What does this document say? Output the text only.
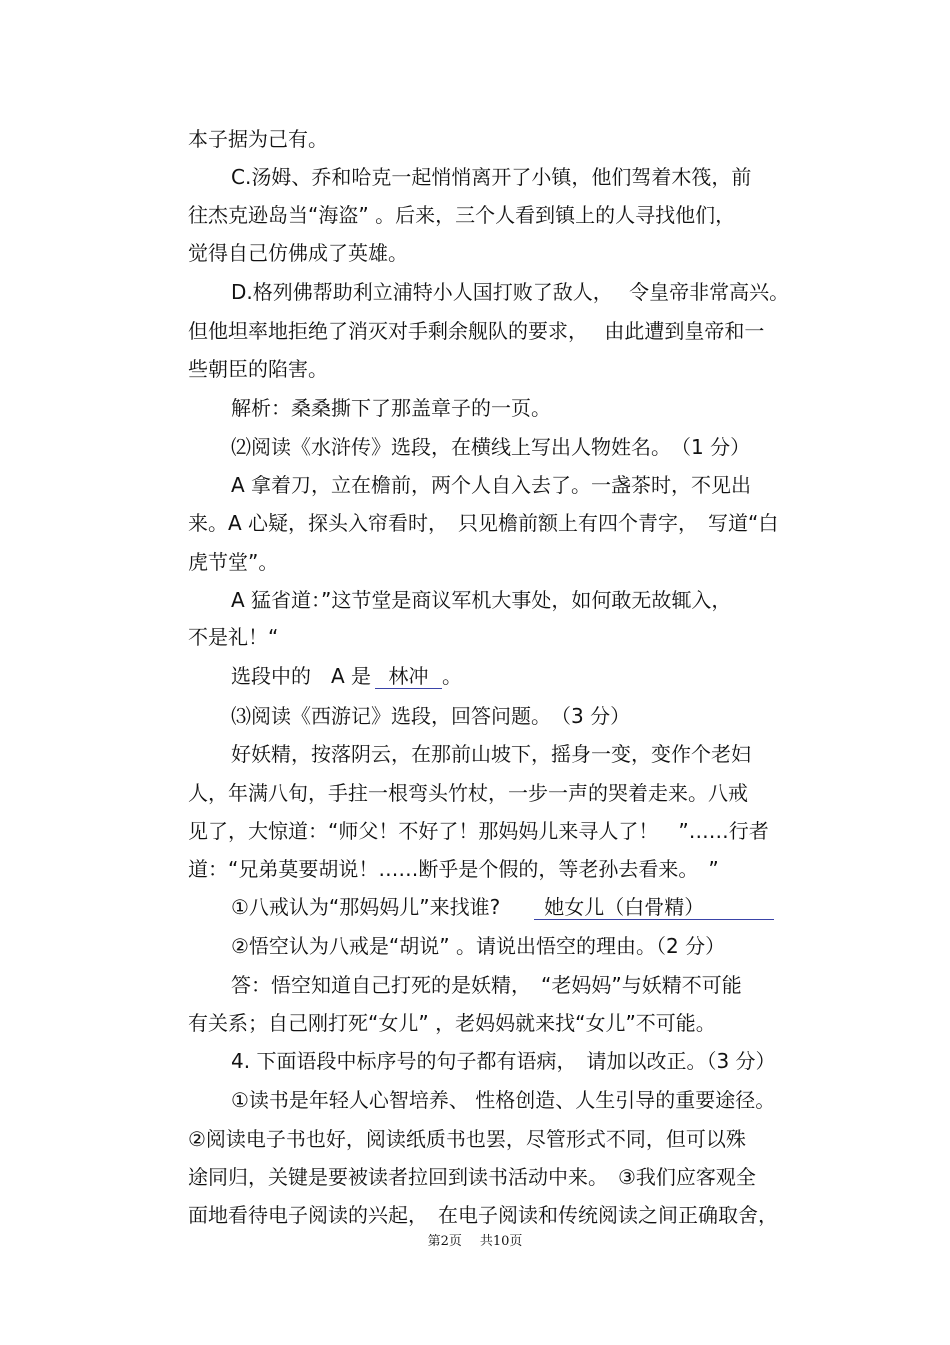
本子据为己有。
C.汤姆、乔和哈克一起悄悄离开了小镇，他们驾着木筏，前
往杰克逊岛当“海盗” 。后来，三个人看到镇上的人寻找他们，
觉得自己仿佛成了英雄。
D.格列佛帮助利立浦特小人国打败了敌人，　 令皇帝非常高兴。
但他坦率地拒绝了消灭对手剩余舰队的要求，　 由此遭到皇帝和一
些朝臣的陷害。
解析：桑桑撕下了那盖章子的一页。
⑵阅读《水浒传》选段，在横线上写出人物姓名。　（1 分）
A 拿着刀，立在檐前，两个人自入去了。一盏茶时，不见出
来。A 心疑，探头入帘看时，　只见檐前额上有四个青字，　写道“白
虎节堂”。
A 猛省道：”这节堂是商议军机大事处，如何敢无故辄入，
不是礼！“
选段中的　A 是 林冲 。
⑶阅读《西游记》选段，回答问题。　（3 分）
好妖精，按落阴云，在那前山坡下，摇身一变，变作个老妇
人，年满八旬，手拄一根弯头竹杖，一步一声的哭着走来。八戒
见了，大惊道：“师父！不好了！那妈妈儿来寻人了！　”……行者
道：“兄弟莫要胡说！……断乎是个假的，等老孙去看来。　”
①八戒认为“那妈妈儿”来找谁? 她女儿（白骨精）
②悟空认为八戒是“胡说” 。请说出悟空的理由。（2 分）
答：悟空知道自己打死的是妖精，　“老妈妈”与妖精不可能
有关系；自己刚打死“女儿” ，老妈妈就来找“女儿”不可能。
4. 下面语段中标序号的句子都有语病，　请加以改正。（3 分）
①读书是年轻人心智培养、 性格创造、人生引导的重要途径。
②阅读电子书也好，阅读纸质书也罢，尽管形式不同，但可以殊
途同归，关键是要被读者拉回到读书活动中来。　③我们应客观全
面地看待电子阅读的兴起，　在电子阅读和传统阅读之间正确取舍，
第2页 共10页
